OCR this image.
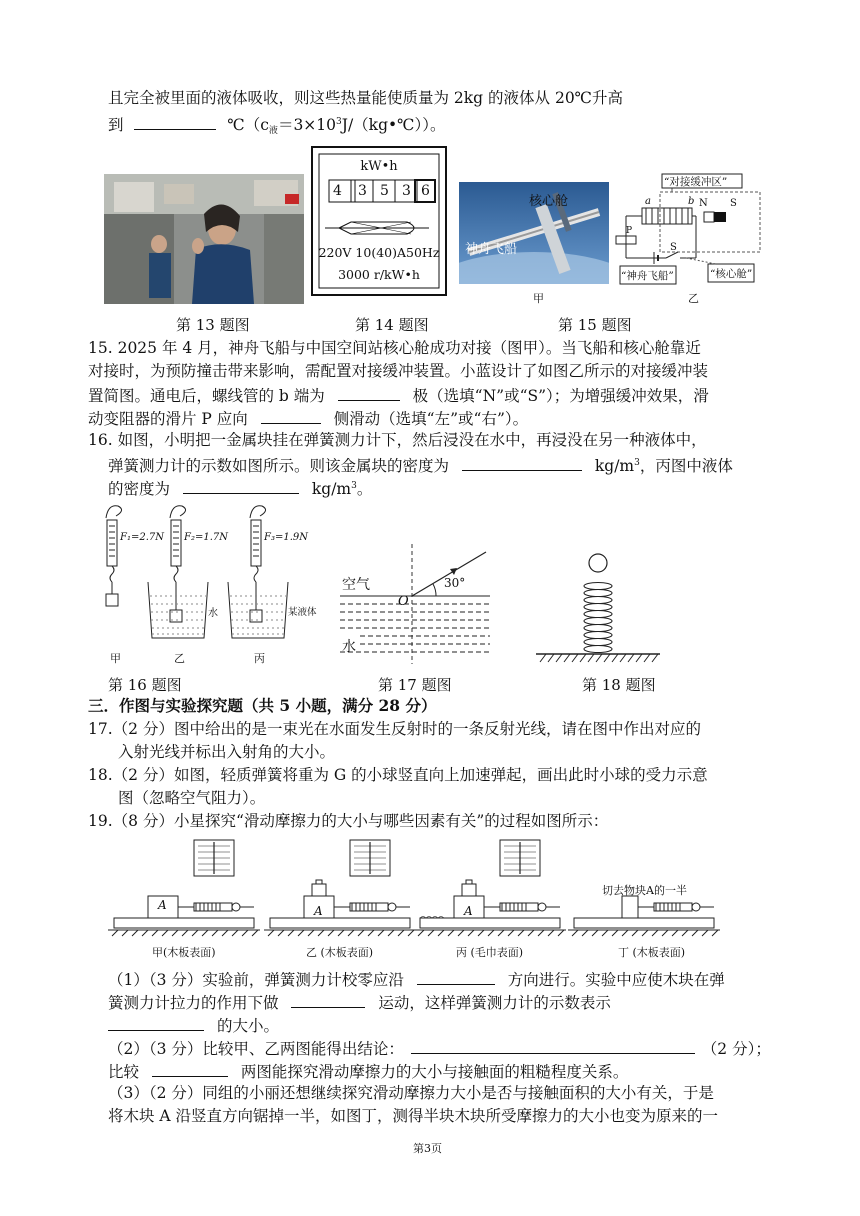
且完全被里面的液体吸收，则这些热量能使质量为 2kg 的液体从 20℃升高
到	$℃(c_液=3\times 10^3J/(kg•℃))$。
kW•h
4 3 5 3 6
220V 10(40)A50Hz
3000 r/kW•h
核心舱
神舟飞船
甲
“对接缓冲区”
a	b N S
P
S
“神舟飞船”	“核心舱”
乙
第 13 题图	第 14 题图	第 15 题图
15. 2025 年 4 月，神舟飞船与中国空间站核心舱成功对接（图甲）。当飞船和核心舱靠近
对接时，为预防撞击带来影响，需配置对接缓冲装置。小蓝设计了如图乙所示的对接缓冲装
置简图。通电后，螺线管的 b 端为	极（选填“N”或“S”）；为增强缓冲效果，滑
动变阻器的滑片 P 应向	侧滑动（选填“左”或“右”）。
16. 如图，小明把一金属块挂在弹簧测力计下，然后浸没在水中，再浸没在另一种液体中，
弹簧测力计的示数如图所示。则该金属块的密度为	$kg/m^3$，丙图中液体
的密度为	$kg/m^3$。
F₁=2.7N F₂=1.7N	F₃=1.9N
水	某液体
甲	乙	丙
空气
O
30°
水
第 16 题图	第 17 题图	第 18 题图
三．作图与实验探究题（共 5 小题，满分 28 分）
17.（2 分）图中给出的是一束光在水面发生反射时的一条反射光线，请在图中作出对应的
入射光线并标出入射角的大小。
18.（2 分）如图，轻质弹簧将重为 G 的小球竖直向上加速弹起，画出此时小球的受力示意
图（忽略空气阻力）。
19.（8 分）小星探究“滑动摩擦力的大小与哪些因素有关”的过程如图所示：
A	A	A
切去物块A的一半
甲(木板表面)	乙 (木板表面)	丙 (毛巾表面)	丁 (木板表面)
（1）（3 分）实验前，弹簧测力计校零应沿	方向进行。实验中应使木块在弹
簧测力计拉力的作用下做	运动，这样弹簧测力计的示数表示
的大小。
（2）（3 分）比较甲、乙两图能得出结论：	（2 分）；
比较	两图能探究滑动摩擦力的大小与接触面的粗糙程度关系。
（3）（2 分）同组的小丽还想继续探究滑动摩擦力大小是否与接触面积的大小有关，于是
将木块 A 沿竖直方向锯掉一半，如图丁，测得半块木块所受摩擦力的大小也变为原来的一
第3页
